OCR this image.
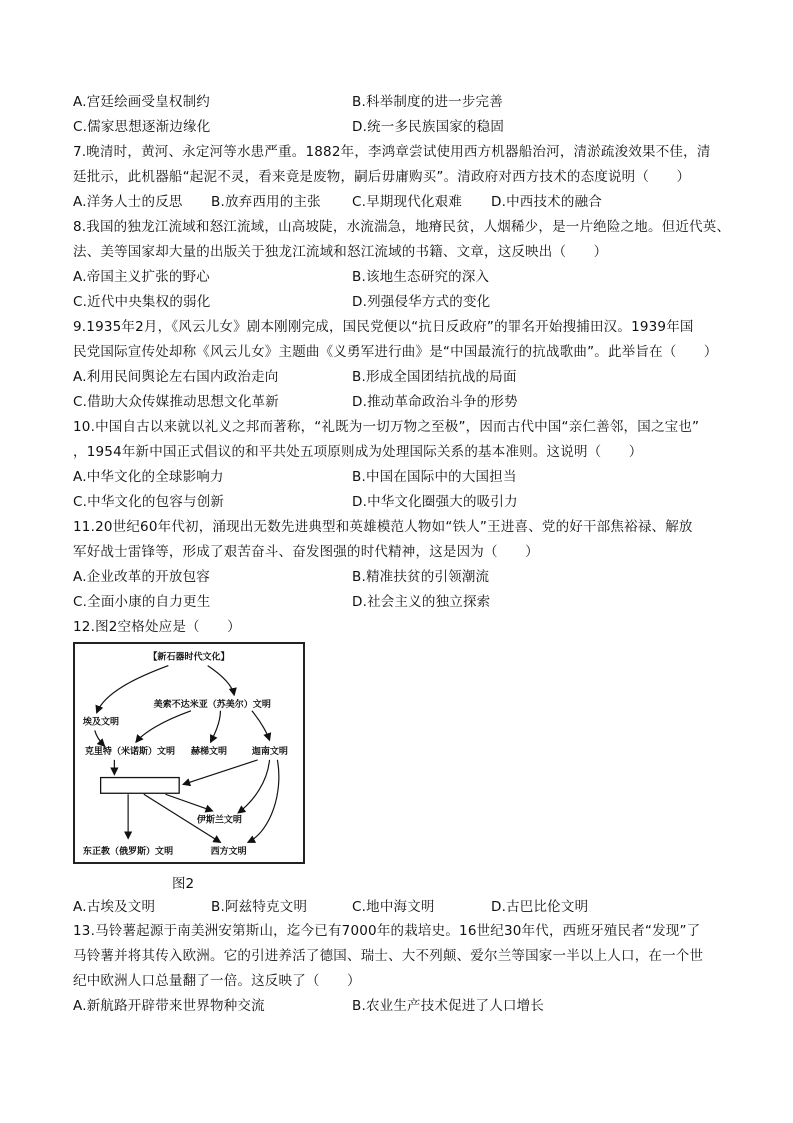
A.宫廷绘画受皇权制约	B.科举制度的进一步完善
C.儒家思想逐渐边缘化	D.统一多民族国家的稳固
7.晚清时，黄河、永定河等水患严重。1882年，李鸿章尝试使用西方机器船治河，清淤疏浚效果不佳，清
廷批示，此机器船“起泥不灵，看来竟是废物，嗣后毋庸购买”。清政府对西方技术的态度说明（　　）
A.洋务人士的反思 B.放弃西用的主张 C.早期现代化艰难 D.中西技术的融合
8.我国的独龙江流域和怒江流域，山高坡陡，水流湍急，地瘠民贫，人烟稀少，是一片绝险之地。但近代英、
法、美等国家却大量的出版关于独龙江流域和怒江流域的书籍、文章，这反映出（　　）
A.帝国主义扩张的野心	B.该地生态研究的深入
C.近代中央集权的弱化	D.列强侵华方式的变化
9.1935年2月，《风云儿女》剧本刚刚完成，国民党便以“抗日反政府”的罪名开始搜捕田汉。1939年国
民党国际宣传处却称《风云儿女》主题曲《义勇军进行曲》是“中国最流行的抗战歌曲”。此举旨在（　　）
A.利用民间舆论左右国内政治走向	B.形成全国团结抗战的局面
C.借助大众传媒推动思想文化革新	D.推动革命政治斗争的形势
10.中国自古以来就以礼义之邦而著称，“礼既为一切万物之至极”，因而古代中国“亲仁善邻，国之宝也”
，1954年新中国正式倡议的和平共处五项原则成为处理国际关系的基本准则。这说明（　　）
A.中华文化的全球影响力	B.中国在国际中的大国担当
C.中华文化的包容与创新	D.中华文化圈强大的吸引力
11.20世纪60年代初，涌现出无数先进典型和英雄模范人物如“铁人”王进喜、党的好干部焦裕禄、解放
军好战士雷锋等，形成了艰苦奋斗、奋发图强的时代精神，这是因为（　　）
A.企业改革的开放包容	B.精准扶贫的引领潮流
C.全面小康的自力更生	D.社会主义的独立探索
12.图2空格处应是（　　）
【新石器时代文化】
美索不达米亚（苏美尔）文明
埃及文明
克里特（米诺斯）文明 赫梯文明	迦南文明
伊斯兰文明
东正教（俄罗斯）文明	西方文明
图2
A.古埃及文明	B.阿兹特克文明	C.地中海文明	D.古巴比伦文明
13.马铃薯起源于南美洲安第斯山，迄今已有7000年的栽培史。16世纪30年代，西班牙殖民者“发现”了
马铃薯并将其传入欧洲。它的引进养活了德国、瑞士、大不列颠、爱尔兰等国家一半以上人口，在一个世
纪中欧洲人口总量翻了一倍。这反映了（　　）
A.新航路开辟带来世界物种交流	B.农业生产技术促进了人口增长
